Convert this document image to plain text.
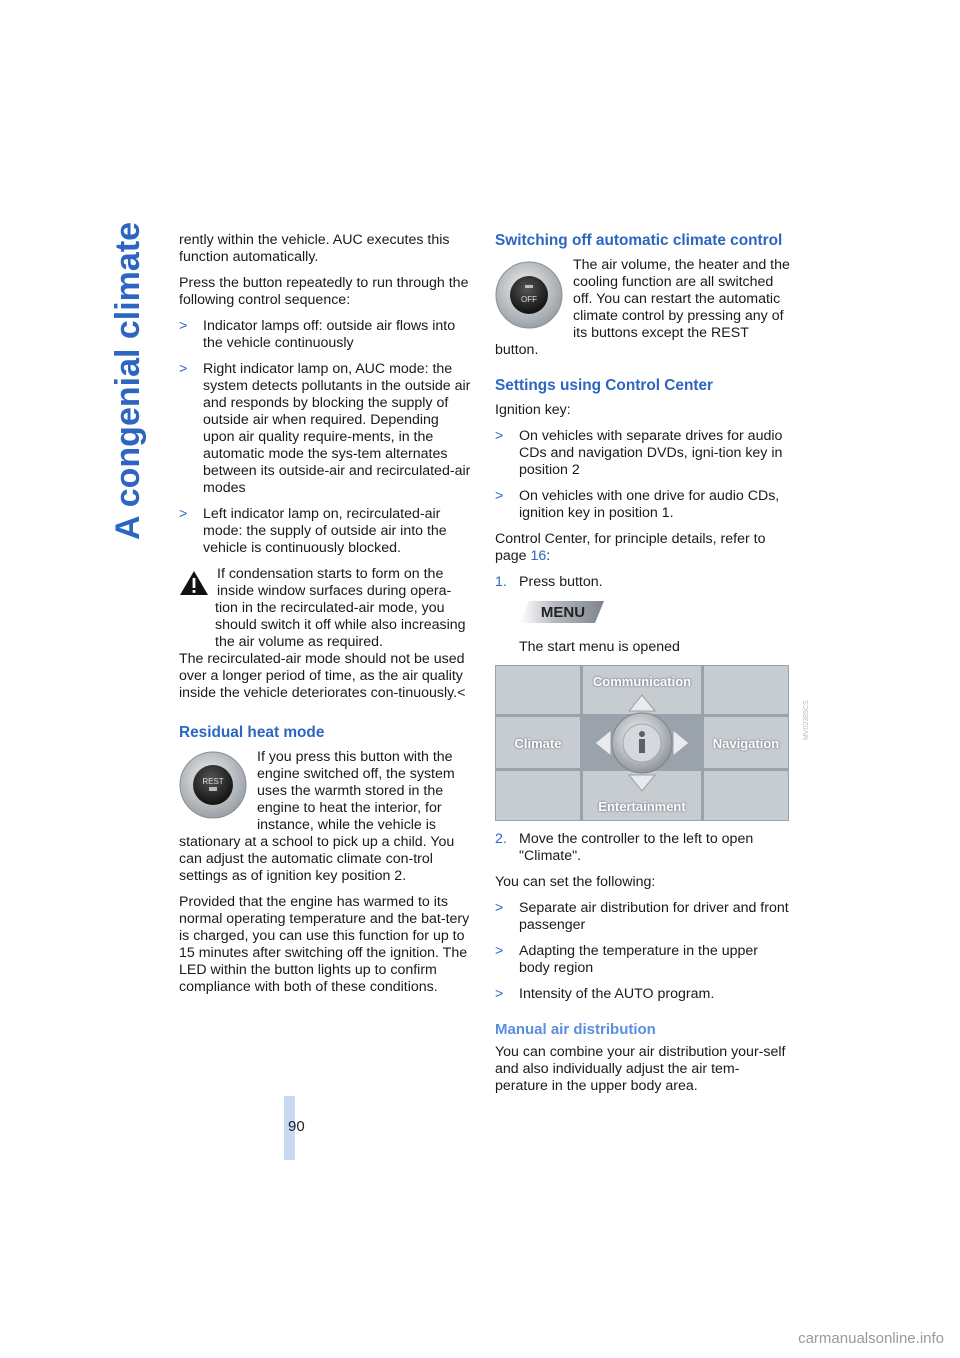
A congenial climate
90

rently within the vehicle. AUC executes this function automatically.

Press the button repeatedly to run through the following control sequence:

> Indicator lamps off: outside air flows into the vehicle continuously
> Right indicator lamp on, AUC mode: the system detects pollutants in the outside air and responds by blocking the supply of outside air when required. Depending upon air quality require-ments, in the automatic mode the sys-tem alternates between its outside-air and recirculated-air modes
> Left indicator lamp on, recirculated-air mode: the supply of outside air into the vehicle is continuously blocked.
If condensation starts to form on the inside window surfaces during opera-tion in the recirculated-air mode, you should switch it off while also increasing the air volume as required.
The recirculated-air mode should not be used over a longer period of time, as the air quality inside the vehicle deteriorates con-tinuously.<
Residual heat mode
REST
If you press this button with the engine switched off, the system uses the warmth stored in the engine to heat the interior, for instance, while the vehicle is stationary at a school to pick up a child. You can adjust the automatic climate con-trol settings as of ignition key position 2.

Provided that the engine has warmed to its normal operating temperature and the bat-tery is charged, you can use this function for up to 15 minutes after switching off the ignition. The LED within the button lights up to confirm compliance with both of these conditions.

Switching off automatic climate control
OFF
The air volume, the heater and the cooling function are all switched off. You can restart the automatic climate control by pressing any of its buttons except the REST button.
Settings using Control Center

Ignition key:

> On vehicles with separate drives for audio CDs and navigation DVDs, igni-tion key in position 2
> On vehicles with one drive for audio CDs, ignition key in position 1.

Control Center, for principle details, refer to page 16:

1. Press button.
MENU

The start menu is opened

Communication
Climate	Navigation
Entertainment
2. Move the controller to the left to open "Climate".

You can set the following:

> Separate air distribution for driver and front passenger
> Adapting the temperature in the upper body region
> Intensity of the AUTO program.
Manual air distribution

You can combine your air distribution your-self and also individually adjust the air tem-perature in the upper body area.

MV02385CS
carmanualsonline.info
